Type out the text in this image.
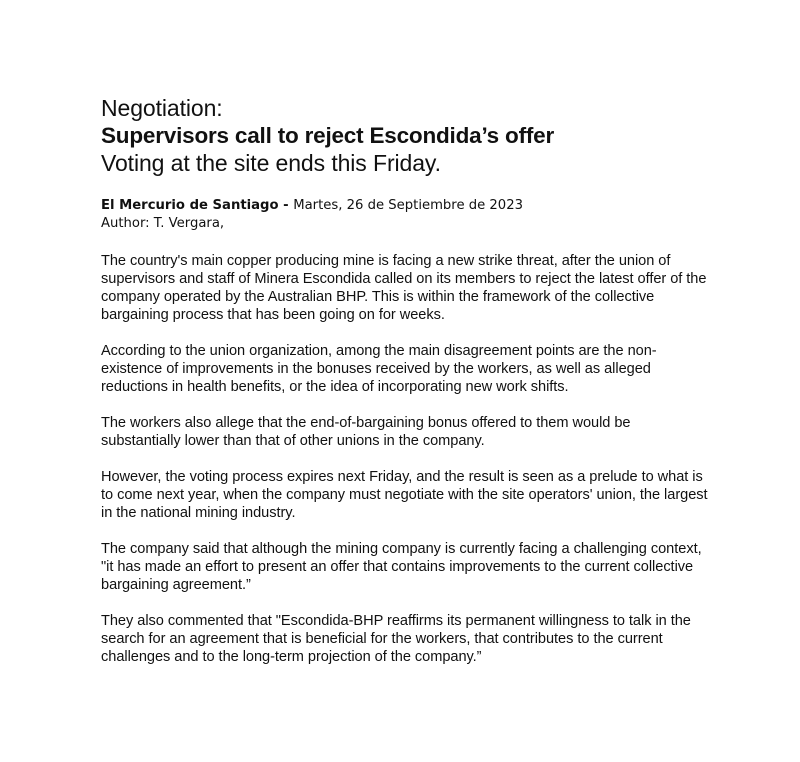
Negotiation:
Supervisors call to reject Escondida’s offer
Voting at the site ends this Friday.
El Mercurio de Santiago - Martes, 26 de Septiembre de 2023
Author: T. Vergara,

The country's main copper producing mine is facing a new strike threat, after the union of supervisors and staff of Minera Escondida called on its members to reject the latest offer of the company operated by the Australian BHP. This is within the framework of the collective bargaining process that has been going on for weeks.

According to the union organization, among the main disagreement points are the non-existence of improvements in the bonuses received by the workers, as well as alleged reductions in health benefits, or the idea of incorporating new work shifts.

The workers also allege that the end-of-bargaining bonus offered to them would be substantially lower than that of other unions in the company.

However, the voting process expires next Friday, and the result is seen as a prelude to what is to come next year, when the company must negotiate with the site operators' union, the largest in the national mining industry.

The company said that although the mining company is currently facing a challenging context, "it has made an effort to present an offer that contains improvements to the current collective bargaining agreement.”

They also commented that "Escondida-BHP reaffirms its permanent willingness to talk in the search for an agreement that is beneficial for the workers, that contributes to the current challenges and to the long-term projection of the company.”
